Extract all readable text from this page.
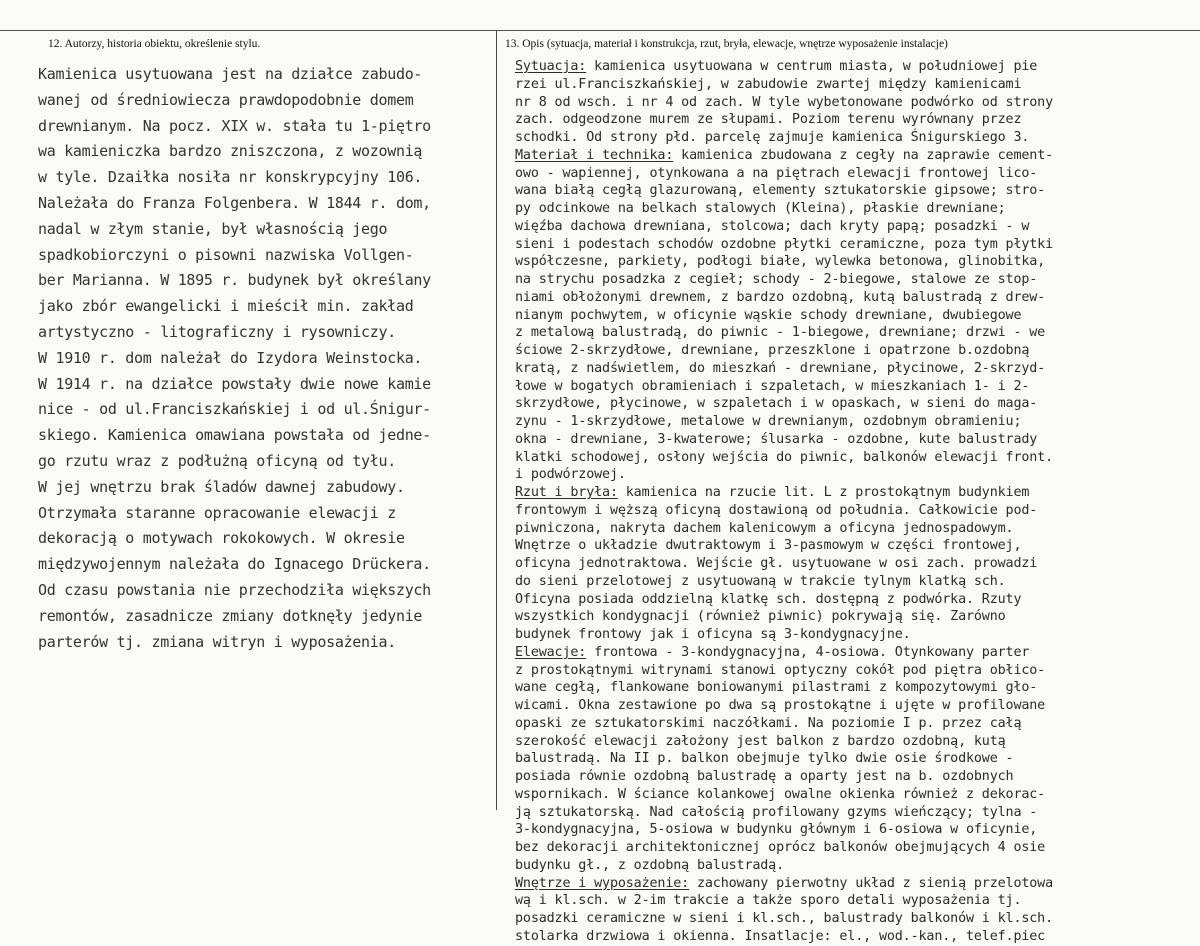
12. Autorzy, historia obiektu, określenie stylu.	13. Opis (sytuacja, materiał i konstrukcja, rzut, bryła, elewacje, wnętrze wyposażenie instalacje)
Kamienica usytuowana jest na działce zabudo-
wanej od średniowiecza prawdopodobnie domem
drewnianym. Na pocz. XIX w. stała tu 1-piętro
wa kamieniczka bardzo zniszczona, z wozownią
w tyle. Dzaiłka nosiła nr konskrypcyjny 106.
Należała do Franza Folgenbera. W 1844 r. dom,
nadal w złym stanie, był własnością jego
spadkobiorczyni o pisowni nazwiska Vollgen-
ber Marianna. W 1895 r. budynek był określany
jako zbór ewangelicki i mieścił min. zakład
artystyczno - litograficzny i rysowniczy.
W 1910 r. dom należał do Izydora Weinstocka.
W 1914 r. na działce powstały dwie nowe kamie
nice - od ul.Franciszkańskiej i od ul.Śnigur-
skiego. Kamienica omawiana powstała od jedne-
go rzutu wraz z podłużną oficyną od tyłu.
W jej wnętrzu brak śladów dawnej zabudowy.
Otrzymała staranne opracowanie elewacji z
dekoracją o motywach rokokowych. W okresie
międzywojennym należała do Ignacego Drückera.
Od czasu powstania nie przechodziła większych
remontów, zasadnicze zmiany dotknęły jedynie
parterów tj. zmiana witryn i wyposażenia.
Sytuacja: kamienica usytuowana w centrum miasta, w południowej pie
rzei ul.Franciszkańskiej, w zabudowie zwartej między kamienicami
nr 8 od wsch. i nr 4 od zach. W tyle wybetonowane podwórko od strony
zach. odgeodzone murem ze słupami. Poziom terenu wyrównany przez
schodki. Od strony płd. parcelę zajmuje kamienica Śnigurskiego 3.
Materiał i technika: kamienica zbudowana z cegły na zaprawie cement-
owo - wapiennej, otynkowana a na piętrach elewacji frontowej lico-
wana białą cegłą glazurowaną, elementy sztukatorskie gipsowe; stro-
py odcinkowe na belkach stalowych (Kleina), płaskie drewniane;
więźba dachowa drewniana, stolcowa; dach kryty papą; posadzki - w
sieni i podestach schodów ozdobne płytki ceramiczne, poza tym płytki
współczesne, parkiety, podłogi białe, wylewka betonowa, glinobitka,
na strychu posadzka z cegieł; schody - 2-biegowe, stalowe ze stop-
niami obłożonymi drewnem, z bardzo ozdobną, kutą balustradą z drew-
nianym pochwytem, w oficynie wąskie schody drewniane, dwubiegowe
z metalową balustradą, do piwnic - 1-biegowe, drewniane; drzwi - we
ściowe 2-skrzydłowe, drewniane, przeszklone i opatrzone b.ozdobną
kratą, z nadświetlem, do mieszkań - drewniane, płycinowe, 2-skrzyd-
łowe w bogatych obramieniach i szpaletach, w mieszkaniach 1- i 2-
skrzydłowe, płycinowe, w szpaletach i w opaskach, w sieni do maga-
zynu - 1-skrzydłowe, metalowe w drewnianym, ozdobnym obramieniu;
okna - drewniane, 3-kwaterowe; ślusarka - ozdobne, kute balustrady
klatki schodowej, osłony wejścia do piwnic, balkonów elewacji front.
i podwórzowej.
Rzut i bryła: kamienica na rzucie lit. L z prostokątnym budynkiem
frontowym i węższą oficyną dostawioną od południa. Całkowicie pod-
piwniczona, nakryta dachem kalenicowym a oficyna jednospadowym.
Wnętrze o układzie dwutraktowym i 3-pasmowym w części frontowej,
oficyna jednotraktowa. Wejście gł. usytuowane w osi zach. prowadzi
do sieni przelotowej z usytuowaną w trakcie tylnym klatką sch.
Oficyna posiada oddzielną klatkę sch. dostępną z podwórka. Rzuty
wszystkich kondygnacji (również piwnic) pokrywają się. Zarówno
budynek frontowy jak i oficyna są 3-kondygnacyjne.
Elewacje: frontowa - 3-kondygnacyjna, 4-osiowa. Otynkowany parter
z prostokątnymi witrynami stanowi optyczny cokół pod piętra obłico-
wane cegłą, flankowane boniowanymi pilastrami z kompozytowymi gło-
wicami. Okna zestawione po dwa są prostokątne i ujęte w profilowane
opaski ze sztukatorskimi naczółkami. Na poziomie I p. przez całą
szerokość elewacji założony jest balkon z bardzo ozdobną, kutą
balustradą. Na II p. balkon obejmuje tylko dwie osie środkowe -
posiada równie ozdobną balustradę a oparty jest na b. ozdobnych
wspornikach. W ściance kolankowej owalne okienka również z dekorac-
ją sztukatorską. Nad całością profilowany gzyms wieńczący; tylna -
3-kondygnacyjna, 5-osiowa w budynku głównym i 6-osiowa w oficynie,
bez dekoracji architektonicznej oprócz balkonów obejmujących 4 osie
budynku gł., z ozdobną balustradą.
Wnętrze i wyposażenie: zachowany pierwotny układ z sienią przelotowa
wą i kl.sch. w 2-im trakcie a także sporo detali wyposażenia tj.
posadzki ceramiczne w sieni i kl.sch., balustrady balkonów i kl.sch.
stolarka drzwiowa i okienna. Insatlacje: el., wod.-kan., telef.piec
